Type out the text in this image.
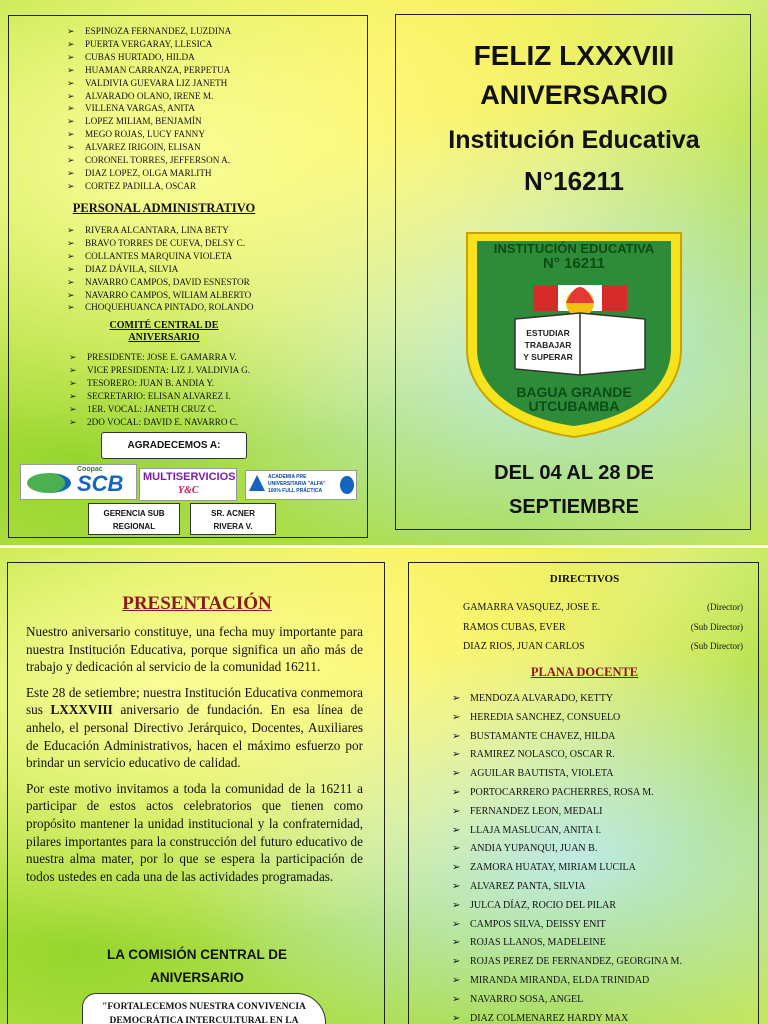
➢ ESPINOZA FERNANDEZ, LUZDINA
➢ PUERTA VERGARAY, LLESICA
➢ CUBAS HURTADO, HILDA
➢ HUAMAN CARRANZA, PERPETUA
➢ VALDIVIA GUEVARA LIZ JANETH
➢ ALVARADO OLANO, IRENE M.
➢ VILLENA VARGAS, ANITA
➢ LOPEZ MILIAM, BENJAMÍN
➢ MEGO ROJAS, LUCY FANNY
➢ ALVAREZ IRIGOIN, ELISAN
➢ CORONEL TORRES, JEFFERSON A.
➢ DIAZ LOPEZ, OLGA MARLITH
➢ CORTEZ PADILLA, OSCAR
PERSONAL ADMINISTRATIVO
➢ RIVERA ALCANTARA, LINA BETY
➢ BRAVO TORRES DE CUEVA, DELSY C.
➢ COLLANTES MARQUINA VIOLETA
➢ DIAZ DÁVILA, SILVIA
➢ NAVARRO CAMPOS, DAVID ESNESTOR
➢ NAVARRO CAMPOS, WILIAM ALBERTO
➢ CHOQUEHUANCA PINTADO, ROLANDO
COMITÉ CENTRAL DE
ANIVERSARIO
➢ PRESIDENTE: JOSE E. GAMARRA V.
➢ VICE PRESIDENTA: LIZ J. VALDIVIA G.
➢ TESORERO: JUAN B. ANDIA Y.
➢ SECRETARIO: ELISAN ALVAREZ I.
➢ 1ER. VOCAL: JANETH CRUZ C.
➢ 2DO VOCAL: DAVID E. NAVARRO C.
AGRADECEMOS A:
Coopac
SCB MULTISERVICIOS
Y&C
ACADEMIA PRE UNIVERSITARIA "ALFA" 100% FULL PRÁCTICA
GERENCIA SUB
REGIONAL
SR. ACNER
RIVERA V.
FELIZ LXXXVIII
ANIVERSARIO
Institución Educativa
N°16211
INSTITUCIÓN EDUCATIVA
N° 16211
ESTUDIAR
TRABAJAR
Y SUPERAR
BAGUA GRANDE
UTCUBAMBA
DEL 04 AL 28 DE
SEPTIEMBRE
PRESENTACIÓN

Nuestro aniversario constituye, una fecha muy importante para nuestra Institución Educativa, porque significa un año más de trabajo y dedicación al servicio de la comunidad 16211.

Este 28 de setiembre; nuestra Institución Educativa conmemora sus LXXXVIII aniversario de fundación. En esa línea de anhelo, el personal Directivo Jerárquico, Docentes, Auxiliares de Educación Administrativos, hacen el máximo esfuerzo por brindar un servicio educativo de calidad.

Por este motivo invitamos a toda la comunidad de la 16211 a participar de estos actos celebratorios que tienen como propósito mantener la unidad institucional y la confraternidad, pilares importantes para la construcción del futuro educativo de nuestra alma mater, por lo que se espera la participación de todos ustedes en cada una de las actividades programadas.

LA COMISIÓN CENTRAL DE
ANIVERSARIO
"FORTALECEMOS NUESTRA CONVIVENCIA
DEMOCRÁTICA INTERCULTURAL EN LA
DIRECTIVOS
GAMARRA VASQUEZ, JOSE E.	(Director)
RAMOS CUBAS, EVER	(Sub Director)
DIAZ RIOS, JUAN CARLOS	(Sub Director)
PLANA DOCENTE
➢ MENDOZA ALVARADO, KETTY
➢ HEREDIA SANCHEZ, CONSUELO
➢ BUSTAMANTE CHAVEZ, HILDA
➢ RAMIREZ NOLASCO, OSCAR R.
➢ AGUILAR BAUTISTA, VIOLETA
➢ PORTOCARRERO PACHERRES, ROSA M.
➢ FERNANDEZ LEON, MEDALI
➢ LLAJA MASLUCAN, ANITA I.
➢ ANDIA YUPANQUI, JUAN B.
➢ ZAMORA HUATAY, MIRIAM LUCILA
➢ ALVAREZ PANTA, SILVIA
➢ JULCA DÍAZ, ROCIO DEL PILAR
➢ CAMPOS SILVA, DEISSY ENIT
➢ ROJAS LLANOS, MADELEINE
➢ ROJAS PEREZ DE FERNANDEZ, GEORGINA M.
➢ MIRANDA MIRANDA, ELDA TRINIDAD
➢ NAVARRO SOSA, ANGEL
➢ DIAZ COLMENAREZ HARDY MAX
